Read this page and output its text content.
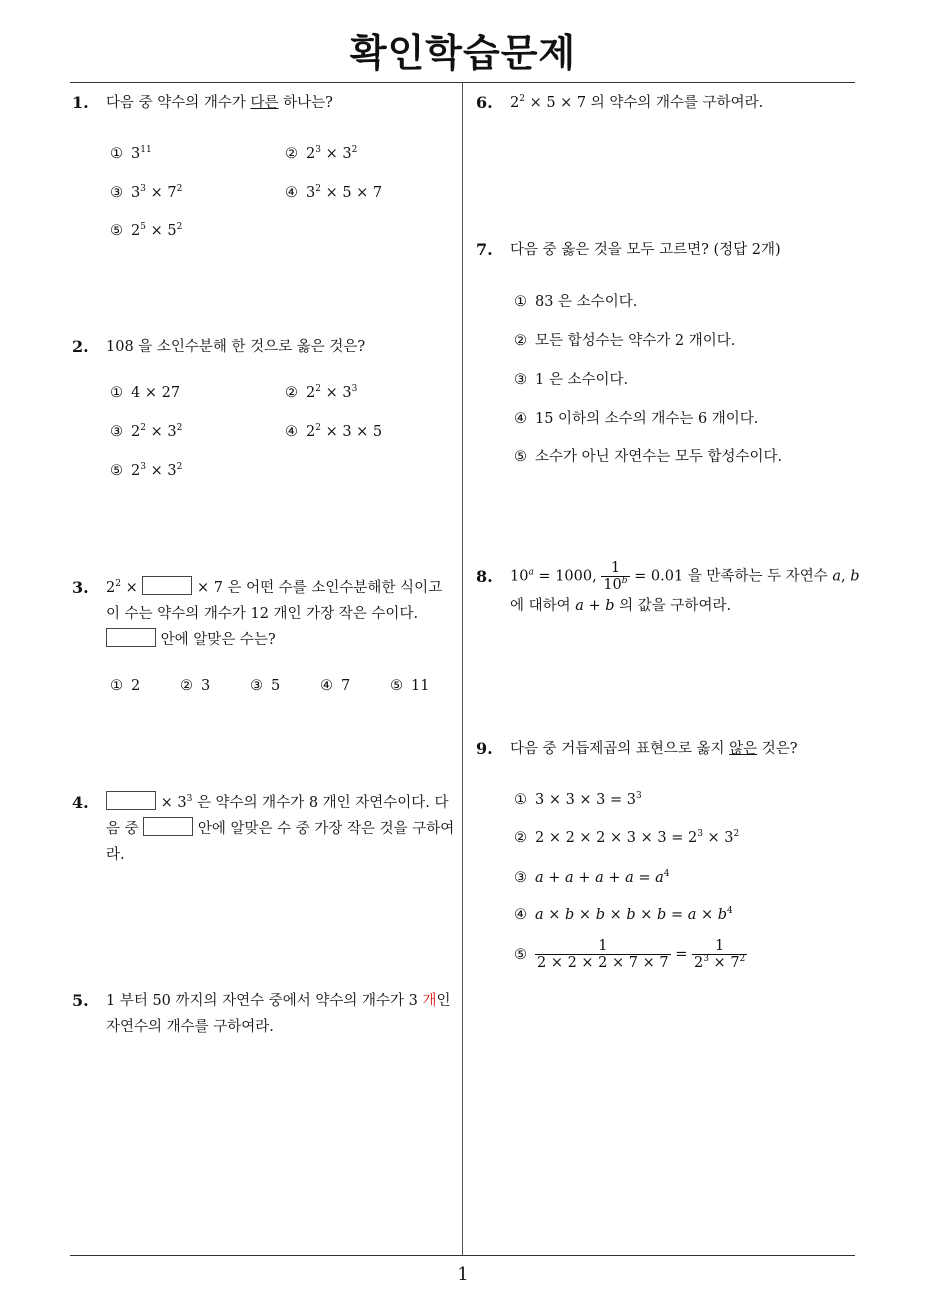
확인학습문제
1
1. 다음 중 약수의 개수가 다른 하나는?
① $3^{11}$	② $2^3 \times 3^2$
③ $3^3 \times 7^2$	④ $3^2 \times 5 \times 7$
⑤ $2^5 \times 5^2$
2. 108 을 소인수분해 한 것으로 옳은 것은?
① 4 × 27	② $2^2 \times 3^3$
③ $2^2 \times 3^2$	④ $2^2 \times 3 \times 5$
⑤ $2^3 \times 3^2$
3. $2^2$ ×	× 7 은 어떤 수를 소인수분해한 식이고 이 수는 약수의 개수가 12 개인 가장 작은 수이다.  안에 알맞은 수는?
① 2	② 3	③ 5	④ 7	⑤ 11
4.	× $3^3$ 은 약수의 개수가 8 개인 자연수이다. 다음 중	안에 알맞은 수 중 가장 작은 것을 구하여라.
5. 1 부터 50 까지의 자연수 중에서 약수의 개수가 3 개인 자연수의 개수를 구하여라.
6. $2^2 \times 5 \times 7$ 의 약수의 개수를 구하여라.
7. 다음 중 옳은 것을 모두 고르면? (정답 2개)
① 83 은 소수이다.
② 모든 합성수는 약수가 2 개이다.
③ 1 은 소수이다.
④ 15 이하의 소수의 개수는 6 개이다.
⑤ 소수가 아닌 자연수는 모두 합성수이다.
8. $10^a = 1000$, $\frac{1}{10^b} = 0.01$ 을 만족하는 두 자연수 a, b
에 대하여 a + b 의 값을 구하여라.
9. 다음 중 거듭제곱의 표현으로 옳지 않은 것은?
① $3 \times 3 \times 3 = 3^3$
② $2 \times 2 \times 2 \times 3 \times 3 = 2^3 \times 3^2$
③ $a + a + a + a = a^4$
④ $a \times b \times b \times b \times b = a \times b^4$
⑤ $\frac{1}{2 \times 2 \times 2 \times 7 \times 7} = \frac{1}{2^3 \times 7^2}$
